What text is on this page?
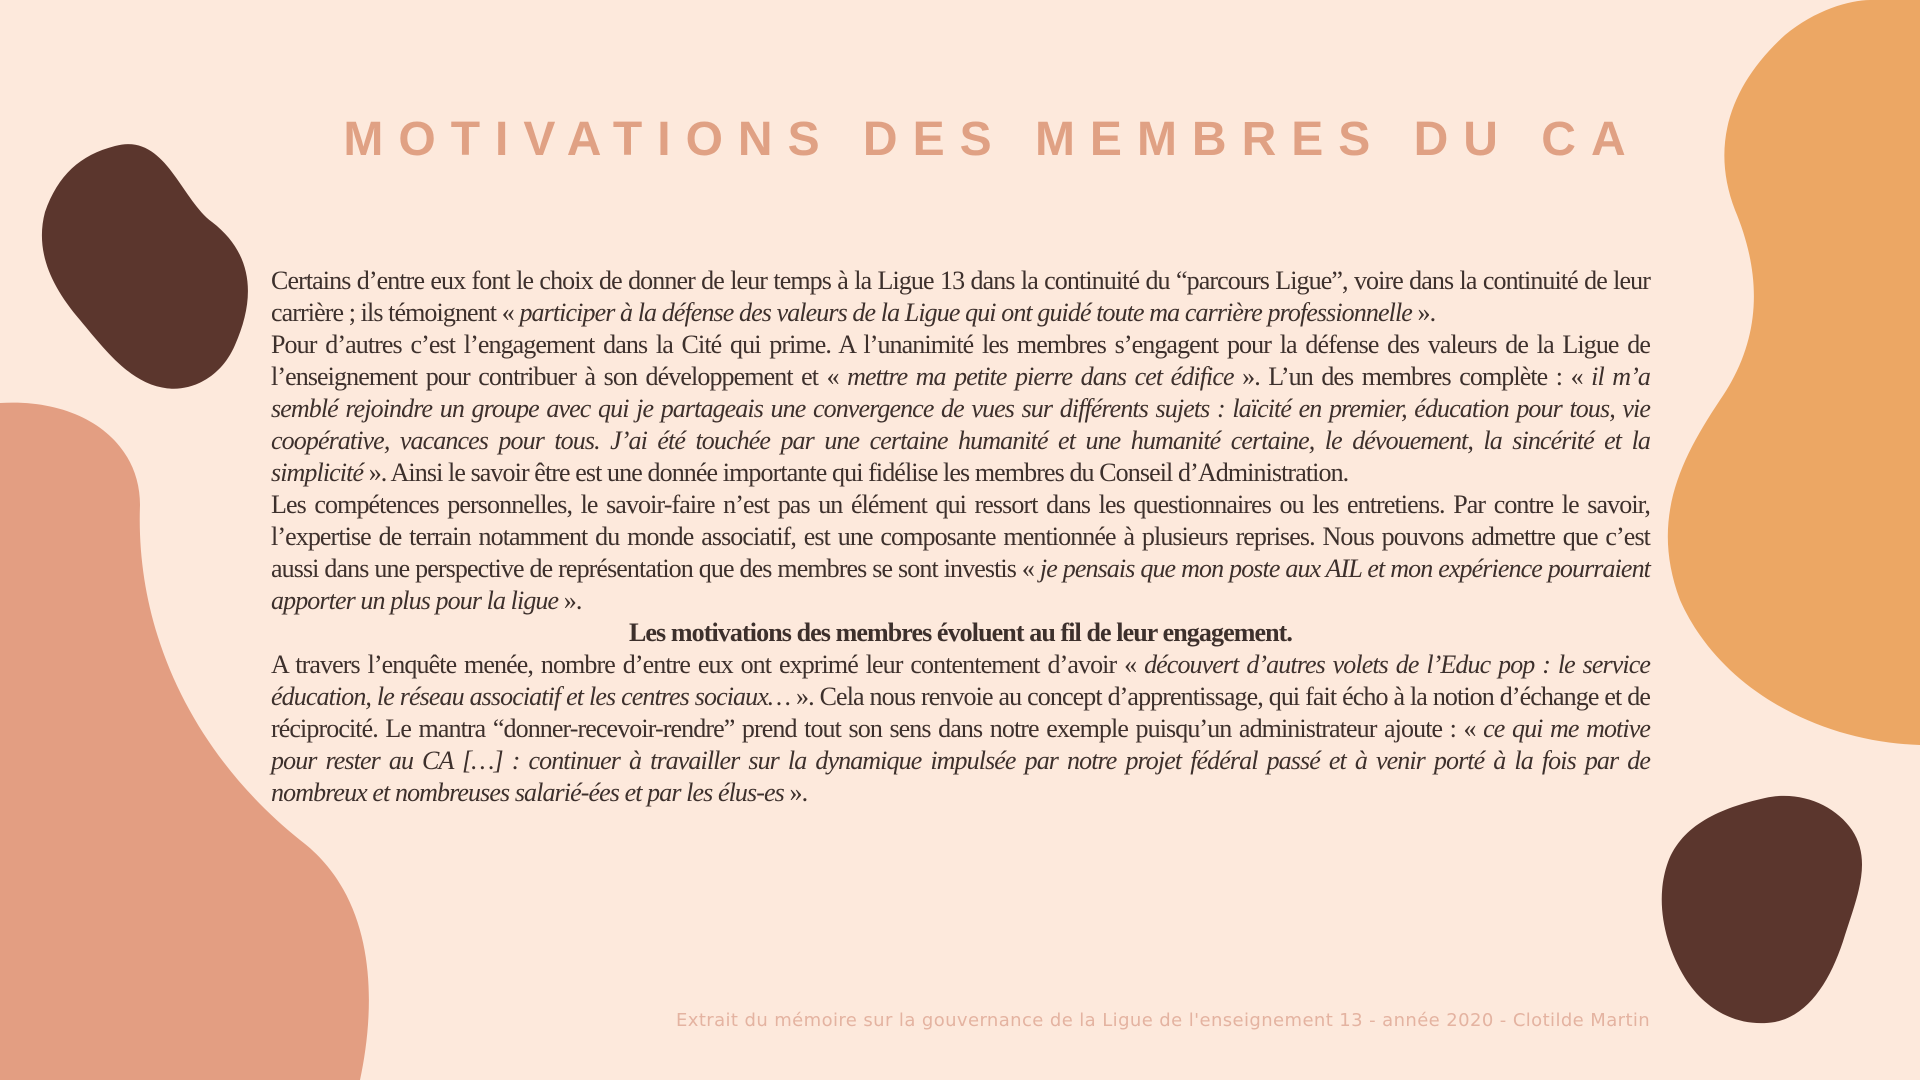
MOTIVATIONS DES MEMBRES DU CA

Certains d’entre eux font le choix de donner de leur temps à la Ligue 13 dans la continuité du “parcours Ligue”, voire dans la continuité de leur carrière ; ils témoignent « participer à la défense des valeurs de la Ligue qui ont guidé toute ma carrière professionnelle ».

Pour d’autres c’est l’engagement dans la Cité qui prime. A l’unanimité les membres s’engagent pour la défense des valeurs de la Ligue de l’enseignement pour contribuer à son développement et « mettre ma petite pierre dans cet édifice ». L’un des membres complète : « il m’a semblé rejoindre un groupe avec qui je partageais une convergence de vues sur différents sujets : laïcité en premier, éducation pour tous, vie coopérative, vacances pour tous. J’ai été touchée par une certaine humanité et une humanité certaine, le dévouement, la sincérité et la simplicité ». Ainsi le savoir être est une donnée importante qui fidélise les membres du Conseil d’Administration.

Les compétences personnelles, le savoir-faire n’est pas un élément qui ressort dans les questionnaires ou les entretiens. Par contre le savoir, l’expertise de terrain notamment du monde associatif, est une composante mentionnée à plusieurs reprises. Nous pouvons admettre que c’est aussi dans une perspective de représentation que des membres se sont investis « je pensais que mon poste aux AIL et mon expérience pourraient apporter un plus pour la ligue ».

Les motivations des membres évoluent au fil de leur engagement.

A travers l’enquête menée, nombre d’entre eux ont exprimé leur contentement d’avoir « découvert d’autres volets de l’Educ pop : le service éducation, le réseau associatif et les centres sociaux… ». Cela nous renvoie au concept d’apprentissage, qui fait écho à la notion d’échange et de réciprocité. Le mantra “donner-recevoir-rendre” prend tout son sens dans notre exemple puisqu’un administrateur ajoute : « ce qui me motive pour rester au CA […] : continuer à travailler sur la dynamique impulsée par notre projet fédéral passé et à venir porté à la fois par de nombreux et nombreuses salarié-ées et par les élus-es ».

Extrait du mémoire sur la gouvernance de la Ligue de l'enseignement 13 - année 2020 - Clotilde Martin
